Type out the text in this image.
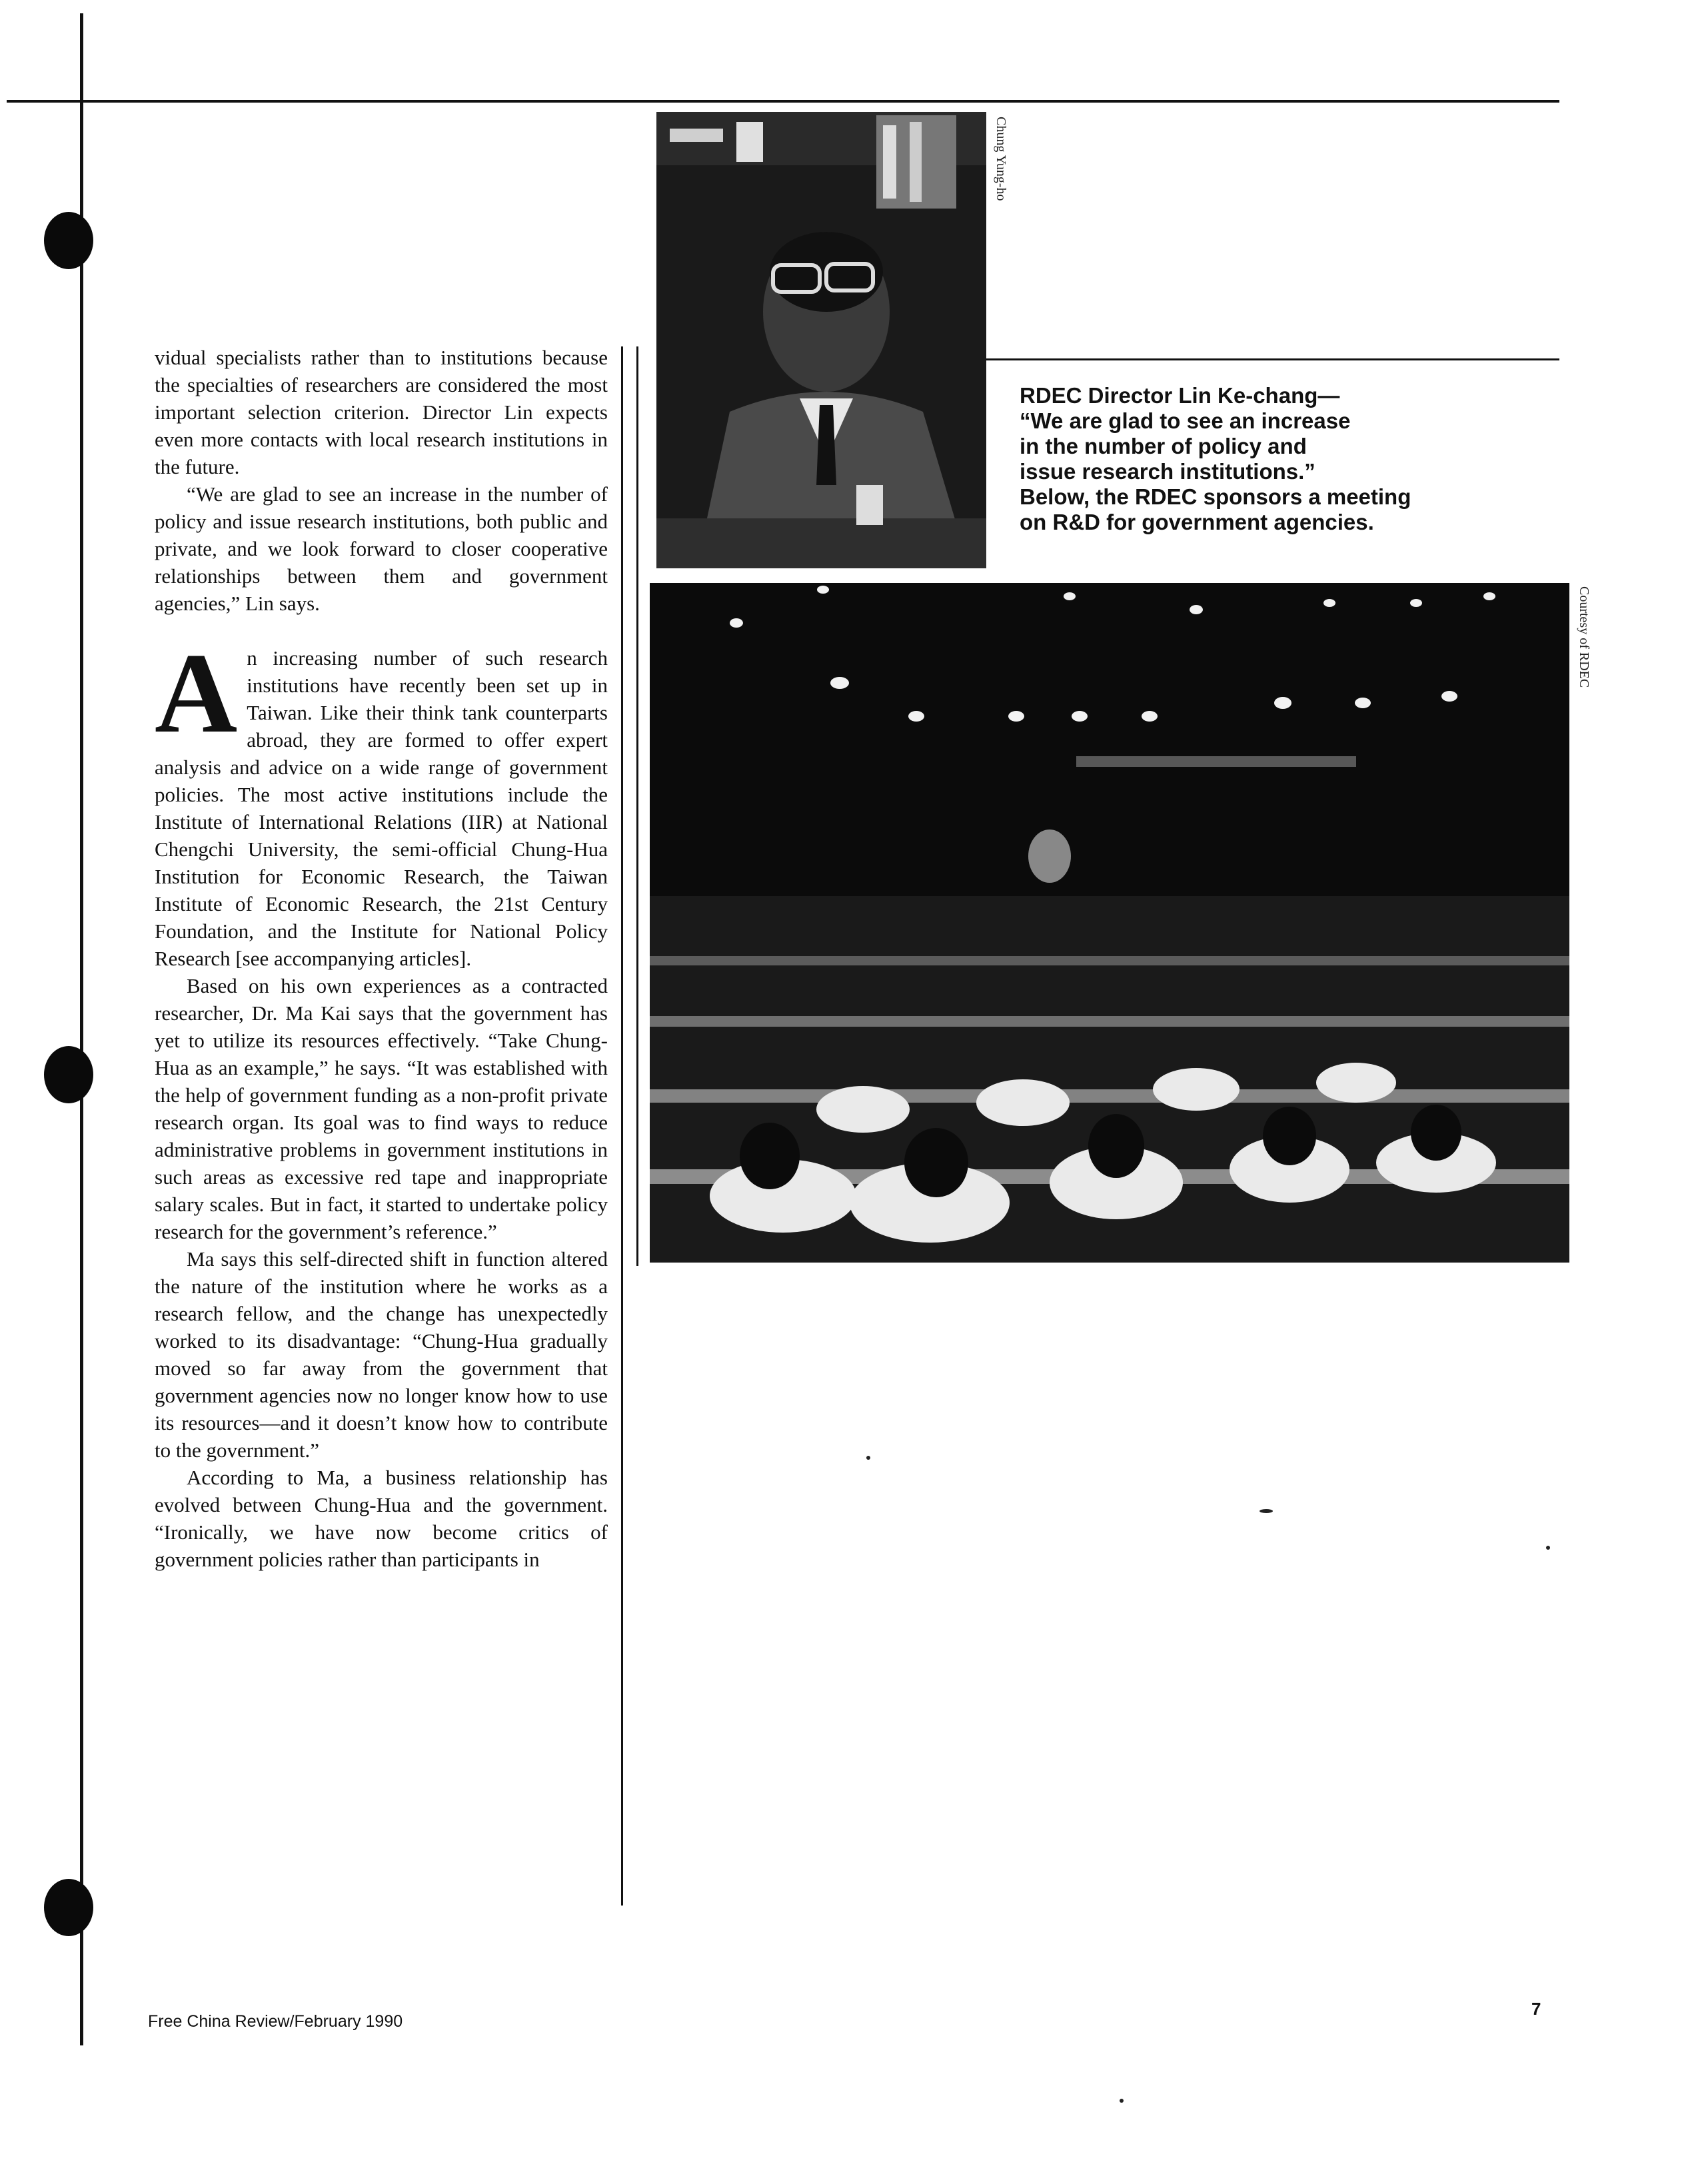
vidual specialists rather than to institutions because the specialties of researchers are considered the most important selection criterion. Director Lin expects even more contacts with local research institutions in the future.

“We are glad to see an increase in the number of policy and issue research institutions, both public and private, and we look forward to closer cooperative relationships between them and government agencies,” Lin says.

An increasing number of such research institutions have recently been set up in Taiwan. Like their think tank counterparts abroad, they are formed to offer expert analysis and advice on a wide range of government policies. The most active institutions include the Institute of International Relations (IIR) at National Chengchi University, the semi-official Chung-Hua Institution for Economic Research, the Taiwan Institute of Economic Research, the 21st Century Foundation, and the Institute for National Policy Research [see accompanying articles].

Based on his own experiences as a contracted researcher, Dr. Ma Kai says that the government has yet to utilize its resources effectively. “Take Chung-Hua as an example,” he says. “It was established with the help of government funding as a non-profit private research organ. Its goal was to find ways to reduce administrative problems in government institutions in such areas as excessive red tape and inappropriate salary scales. But in fact, it started to undertake policy research for the government’s reference.”

Ma says this self-directed shift in function altered the nature of the institution where he works as a research fellow, and the change has unexpectedly worked to its disadvantage: “Chung-Hua gradually moved so far away from the government that government agencies now no longer know how to use its resources—and it doesn’t know how to contribute to the government.”

According to Ma, a business relationship has evolved between Chung-Hua and the government. “Ironically, we have now become critics of government policies rather than participants in

Chung Yung-ho
RDEC Director Lin Ke-chang—
“We are glad to see an increase
in the number of policy and
issue research institutions.”
Below, the RDEC sponsors a meeting
on R&D for government agencies.
Courtesy of RDEC
Free China Review/February 1990
7
